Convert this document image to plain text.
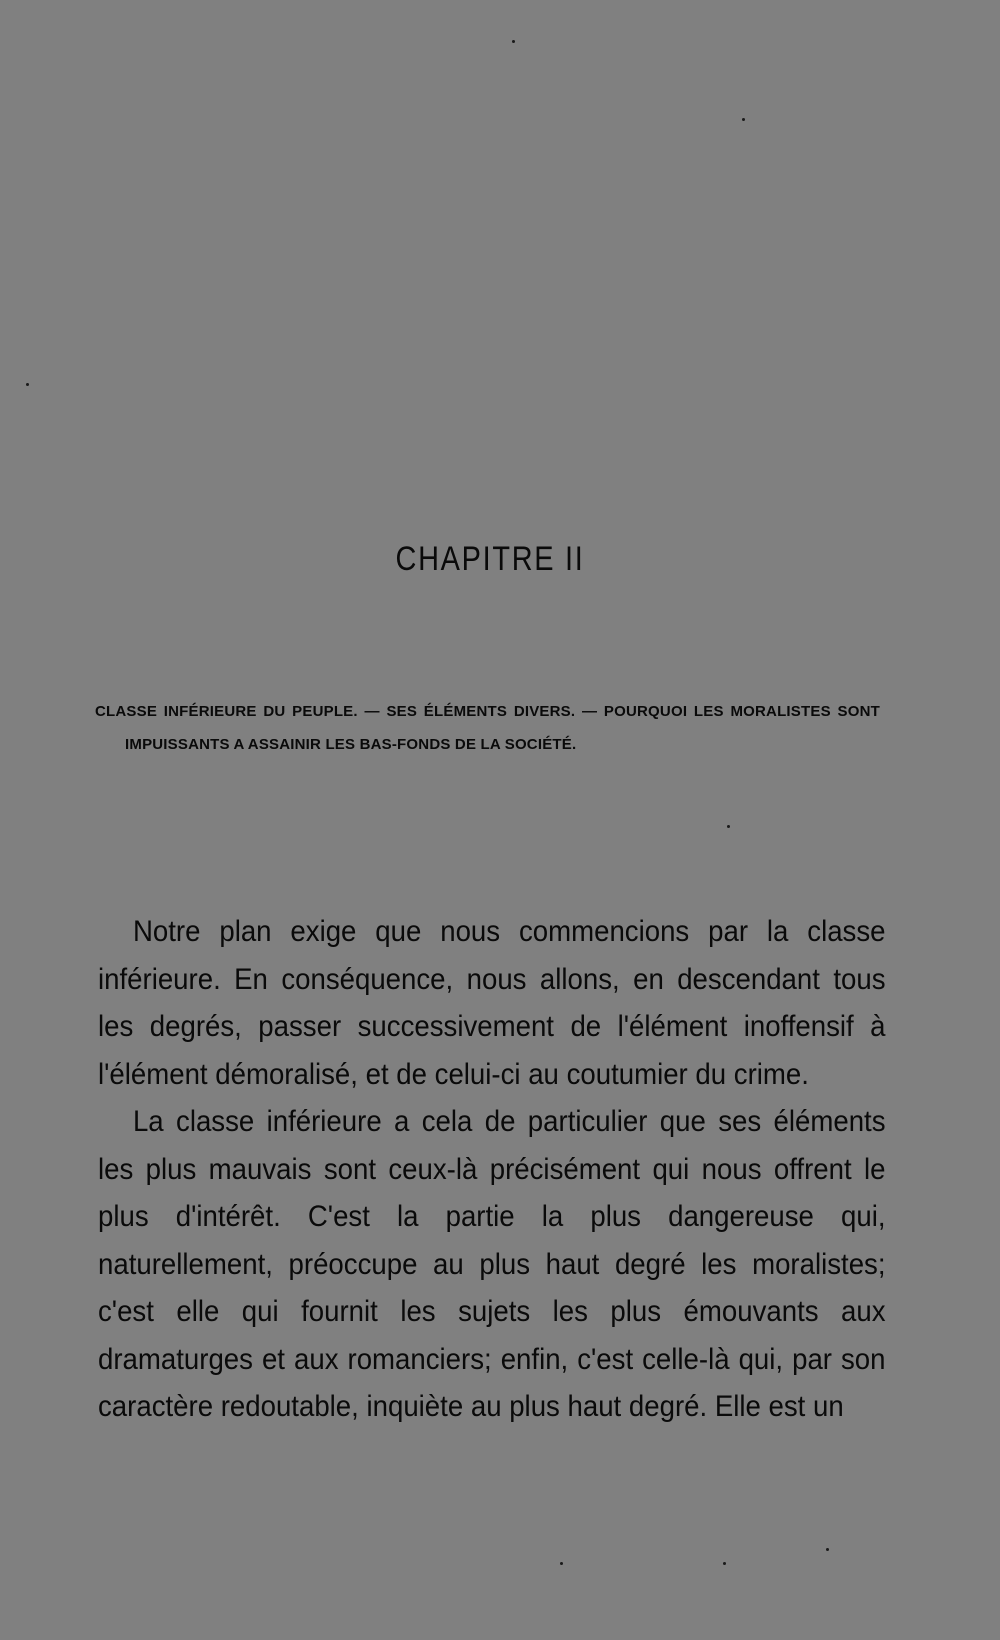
CHAPITRE II
CLASSE INFÉRIEURE DU PEUPLE. — SES ÉLÉMENTS DIVERS. — POURQUOI LES MORALISTES SONT IMPUISSANTS A ASSAINIR LES BAS-FONDS DE LA SOCIÉTÉ.

Notre plan exige que nous commencions par la classe inférieure. En conséquence, nous allons, en descendant tous les degrés, passer successivement de l'élément inoffensif à l'élément démoralisé, et de celui-ci au coutumier du crime.

La classe inférieure a cela de particulier que ses éléments les plus mauvais sont ceux-là précisément qui nous offrent le plus d'intérêt. C'est la partie la plus dangereuse qui, naturellement, préoccupe au plus haut degré les moralistes; c'est elle qui fournit les sujets les plus émouvants aux dramaturges et aux romanciers; enfin, c'est celle-là qui, par son caractère redoutable, inquiète au plus haut degré. Elle est un
